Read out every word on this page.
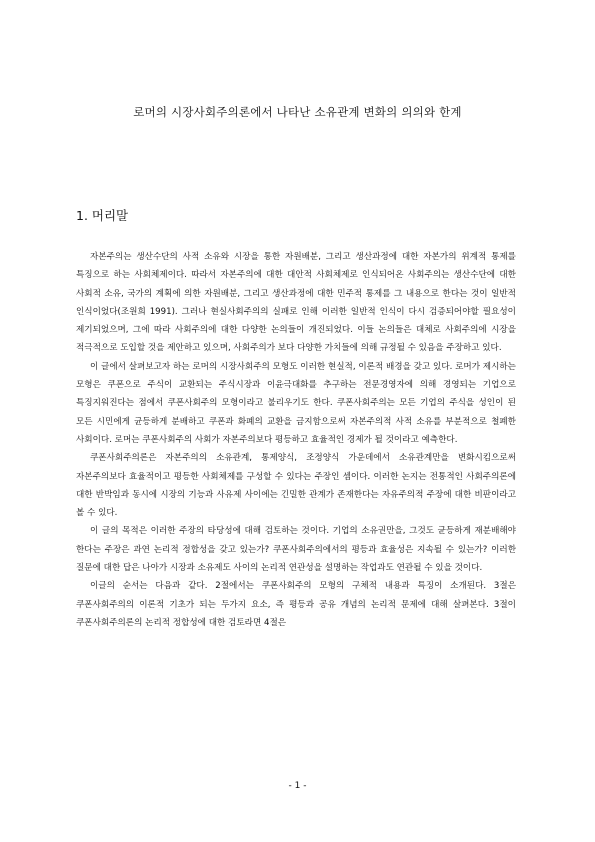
로머의 시장사회주의론에서 나타난 소유관계 변화의 의의와 한계
1. 머리말

자본주의는 생산수단의 사적 소유와 시장을 통한 자원배분, 그리고 생산과정에 대한 자본가의 위계적 통제를 특징으로 하는 사회체제이다. 따라서 자본주의에 대한 대안적 사회체제로 인식되어온 사회주의는 생산수단에 대한 사회적 소유, 국가의 계획에 의한 자원배분, 그리고 생산과정에 대한 민주적 통제를 그 내용으로 한다는 것이 일반적 인식이었다(조원희 1991). 그러나 현실사회주의의 실패로 인해 이러한 일반적 인식이 다시 검증되어야할 필요성이 제기되었으며, 그에 따라 사회주의에 대한 다양한 논의들이 개진되었다. 이들 논의들은 대체로 사회주의에 시장을 적극적으로 도입할 것을 제안하고 있으며, 사회주의가 보다 다양한 가치들에 의해 규정될 수 있음을 주장하고 있다.

이 글에서 살펴보고자 하는 로머의 시장사회주의 모형도 이러한 현실적, 이론적 배경을 갖고 있다. 로머가 제시하는 모형은 쿠폰으로 주식이 교환되는 주식시장과 이윤극대화를 추구하는 전문경영자에 의해 경영되는 기업으로 특징지워진다는 점에서 쿠폰사회주의 모형이라고 불리우기도 한다. 쿠폰사회주의는 모든 기업의 주식을 성인이 된 모든 시민에게 균등하게 분배하고 쿠폰과 화폐의 교환을 금지함으로써 자본주의적 사적 소유를 부분적으로 철폐한 사회이다. 로머는 쿠폰사회주의 사회가 자본주의보다 평등하고 효율적인 경제가 될 것이라고 예측한다.

쿠폰사회주의론은 자본주의의 소유관계, 통제양식, 조정양식 가운데에서 소유관계만을 변화시킴으로써 자본주의보다 효율적이고 평등한 사회체제를 구성할 수 있다는 주장인 셈이다. 이러한 논지는 전통적인 사회주의론에 대한 반박임과 동시에 시장의 기능과 사유제 사이에는 긴밀한 관계가 존재한다는 자유주의적 주장에 대한 비판이라고 볼 수 있다.

이 글의 목적은 이러한 주장의 타당성에 대해 검토하는 것이다. 기업의 소유권만을, 그것도 균등하게 재분배해야 한다는 주장은 과연 논리적 정합성을 갖고 있는가? 쿠폰사회주의에서의 평등과 효율성은 지속될 수 있는가? 이러한 질문에 대한 답은 나아가 시장과 소유제도 사이의 논리적 연관성을 설명하는 작업과도 연관될 수 있을 것이다.

이글의 순서는 다음과 같다. 2절에서는 쿠폰사회주의 모형의 구체적 내용과 특징이 소개된다. 3절은 쿠폰사회주의의 이론적 기초가 되는 두가지 요소, 즉 평등과 공유 개념의 논리적 문제에 대해 살펴본다. 3절이 쿠폰사회주의론의 논리적 정합성에 대한 검토라면 4절은

- 1 -
